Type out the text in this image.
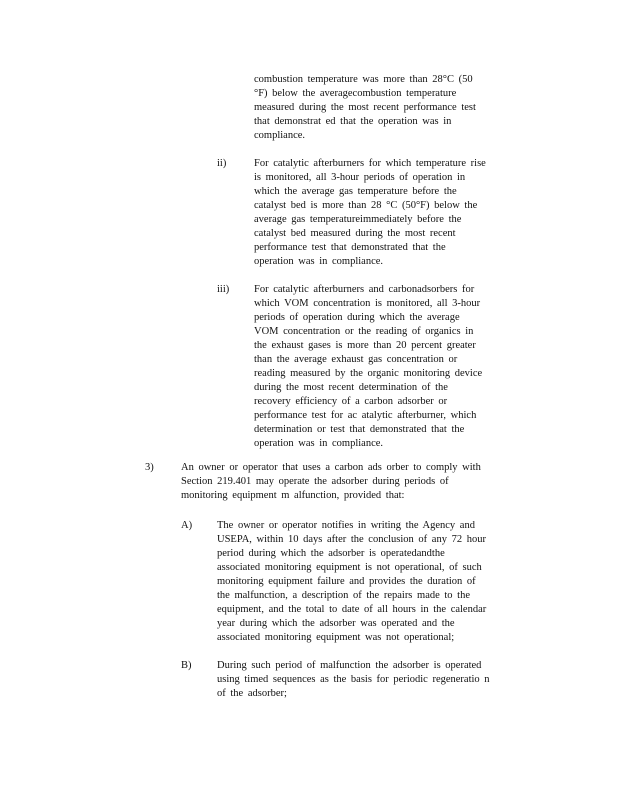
combustion temperature was more than 28°C (50
°F) below the averagecombustion temperature
measured during the most recent performance test
that demonstrat ed that the operation was in
compliance.
ii)	For catalytic afterburners for which temperature rise
is monitored, all 3-hour periods of operation in
which the average gas temperature before the
catalyst bed is more than 28 °C (50°F) below the
average gas temperatureimmediately before the
catalyst bed measured during the most recent
performance test that demonstrated that the
operation was in compliance.
iii) For catalytic afterburners and carbonadsorbers for
which VOM concentration is monitored, all 3-hour
periods of operation during which the average
VOM concentration or the reading of organics in
the exhaust gases is more than 20 percent greater
than the average exhaust gas concentration or
reading measured by the organic monitoring device
during the most recent determination of the
recovery efficiency of a carbon adsorber or
performance test for ac atalytic afterburner, which
determination or test that demonstrated that the
operation was in compliance.
3)	An owner or operator that uses a carbon ads orber to comply with
Section 219.401 may operate the adsorber during periods of
monitoring equipment m alfunction, provided that:
A) The owner or operator notifies in writing the Agency and
USEPA, within 10 days after the conclusion of any 72 hour
period during which the adsorber is operatedandthe
associated monitoring equipment is not operational, of such
monitoring equipment failure and provides the duration of
the malfunction, a description of the repairs made to the
equipment, and the total to date of all hours in the calendar
year during which the adsorber was operated and the
associated monitoring equipment was not operational;
B) During such period of malfunction the adsorber is operated
using timed sequences as the basis for periodic regeneratio n
of the adsorber;
